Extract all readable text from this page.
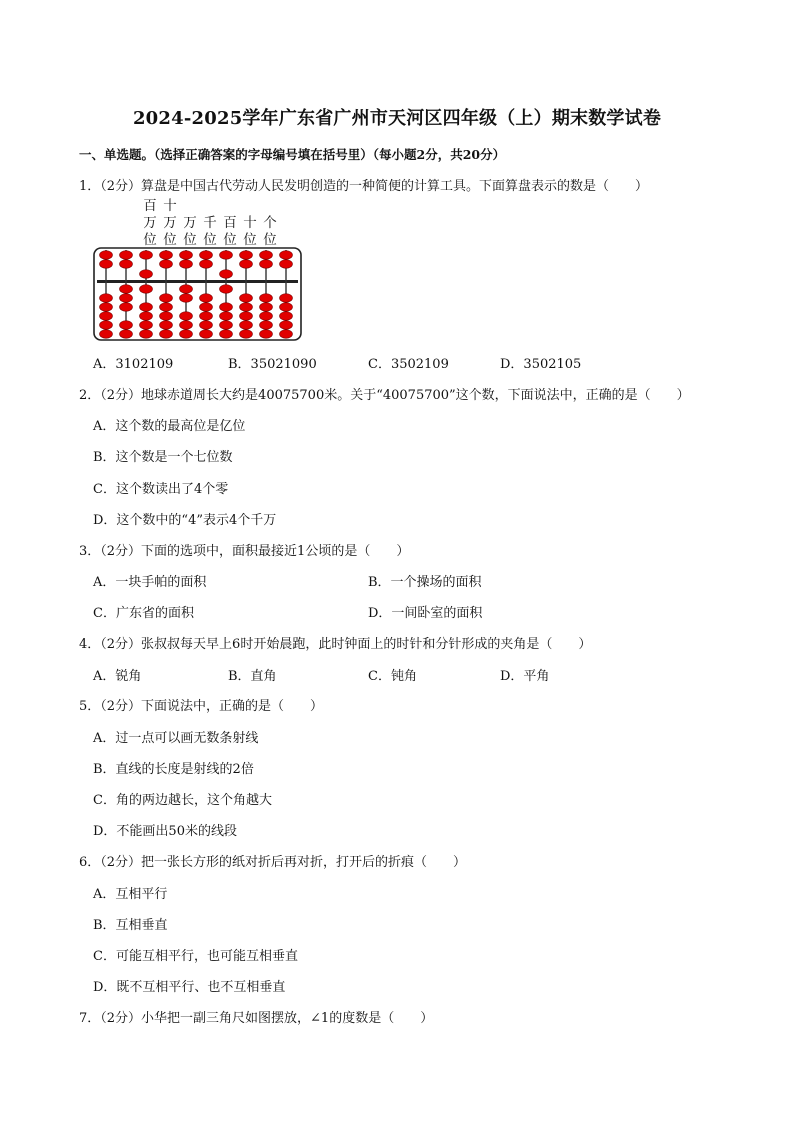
2024-2025学年广东省广州市天河区四年级（上）期末数学试卷
一、单选题。（选择正确答案的字母编号填在括号里）（每小题2分，共20分）
1．（2分）算盘是中国古代劳动人民发明创造的一种简便的计算工具。下面算盘表示的数是（　　）
百
万
位
十
万
位
万
位
千
位
百
位
十
位
个
位
A．3102109	B．35021090	C．3502109	D．3502105
2．（2分）地球赤道周长大约是40075700米。关于“40075700”这个数，下面说法中，正确的是（　　）
A．这个数的最高位是亿位
B．这个数是一个七位数
C．这个数读出了4个零
D．这个数中的“4”表示4个千万
3．（2分）下面的选项中，面积最接近1公顷的是（　　）
A．一块手帕的面积	B．一个操场的面积
C．广东省的面积	D．一间卧室的面积
4．（2分）张叔叔每天早上6时开始晨跑，此时钟面上的时针和分针形成的夹角是（　　）
A．锐角	B．直角	C．钝角	D．平角
5．（2分）下面说法中，正确的是（　　）
A．过一点可以画无数条射线
B．直线的长度是射线的2倍
C．角的两边越长，这个角越大
D．不能画出50米的线段
6．（2分）把一张长方形的纸对折后再对折，打开后的折痕（　　）
A．互相平行
B．互相垂直
C．可能互相平行，也可能互相垂直
D．既不互相平行、也不互相垂直
7．（2分）小华把一副三角尺如图摆放，∠1的度数是（　　）
